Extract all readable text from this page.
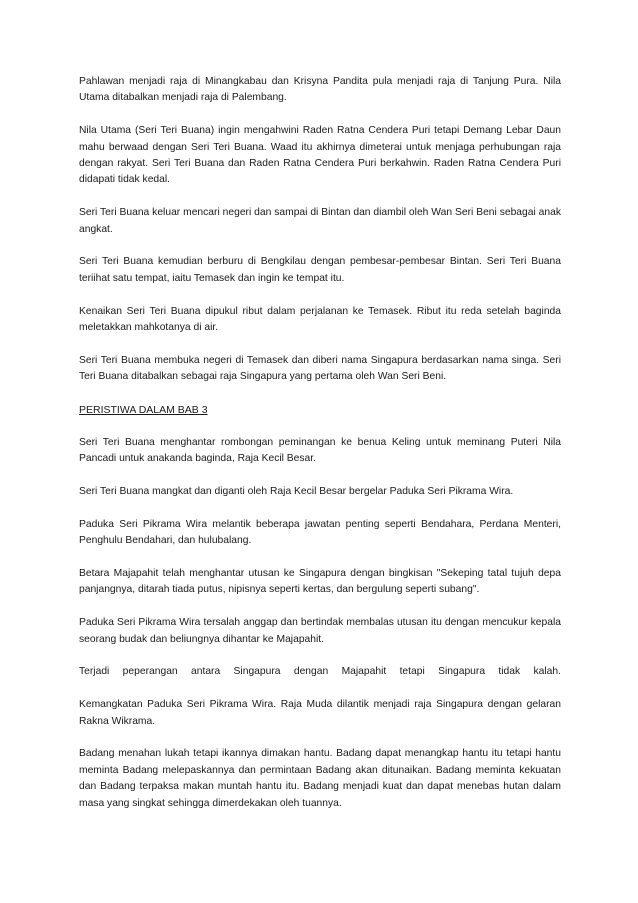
Pahlawan menjadi raja di Minangkabau dan Krisyna Pandita pula menjadi raja di Tanjung Pura. Nila Utama ditabalkan menjadi raja di Palembang.

Nila Utama (Seri Teri Buana) ingin mengahwini Raden Ratna Cendera Puri tetapi Demang Lebar Daun mahu berwaad dengan Seri Teri Buana. Waad itu akhirnya dimeterai untuk menjaga perhubungan raja dengan rakyat. Seri Teri Buana dan Raden Ratna Cendera Puri berkahwin. Raden Ratna Cendera Puri didapati tidak kedal.

Seri Teri Buana keluar mencari negeri dan sampai di Bintan dan diambil oleh Wan Seri Beni sebagai anak angkat.

Seri Teri Buana kemudian berburu di Bengkilau dengan pembesar-pembesar Bintan. Seri Teri Buana teriihat satu tempat, iaitu Temasek dan ingin ke tempat itu.

Kenaikan Seri Teri Buana dipukul ribut dalam perjalanan ke Temasek. Ribut itu reda setelah baginda meletakkan mahkotanya di air.

Seri Teri Buana membuka negeri di Temasek dan diberi nama Singapura berdasarkan nama singa. Seri Teri Buana ditabalkan sebagai raja Singapura yang pertama oleh Wan Seri Beni.

PERISTIWA DALAM BAB 3

Seri Teri Buana menghantar rombongan peminangan ke benua Keling untuk meminang Puteri Nila Pancadi untuk anakanda baginda, Raja Kecil Besar.

Seri Teri Buana mangkat dan diganti oleh Raja Kecil Besar bergelar Paduka Seri Pikrama Wira.

Paduka Seri Pikrama Wira melantik beberapa jawatan penting seperti Bendahara, Perdana Menteri, Penghulu Bendahari, dan hulubalang.

Betara Majapahit telah menghantar utusan ke Singapura dengan bingkisan "Sekeping tatal tujuh depa panjangnya, ditarah tiada putus, nipisnya seperti kertas, dan bergulung seperti subang".

Paduka Seri Pikrama Wira tersalah anggap dan bertindak membalas utusan itu dengan mencukur kepala seorang budak dan beliungnya dihantar ke Majapahit.

Terjadi peperangan antara Singapura dengan Majapahit tetapi Singapura tidak kalah.

Kemangkatan Paduka Seri Pikrama Wira. Raja Muda dilantik menjadi raja Singapura dengan gelaran Rakna Wikrama.

Badang menahan lukah tetapi ikannya dimakan hantu. Badang dapat menangkap hantu itu tetapi hantu meminta Badang melepaskannya dan permintaan Badang akan ditunaikan. Badang meminta kekuatan dan Badang terpaksa makan muntah hantu itu. Badang menjadi kuat dan dapat menebas hutan dalam masa yang singkat sehingga dimerdekakan oleh tuannya.
